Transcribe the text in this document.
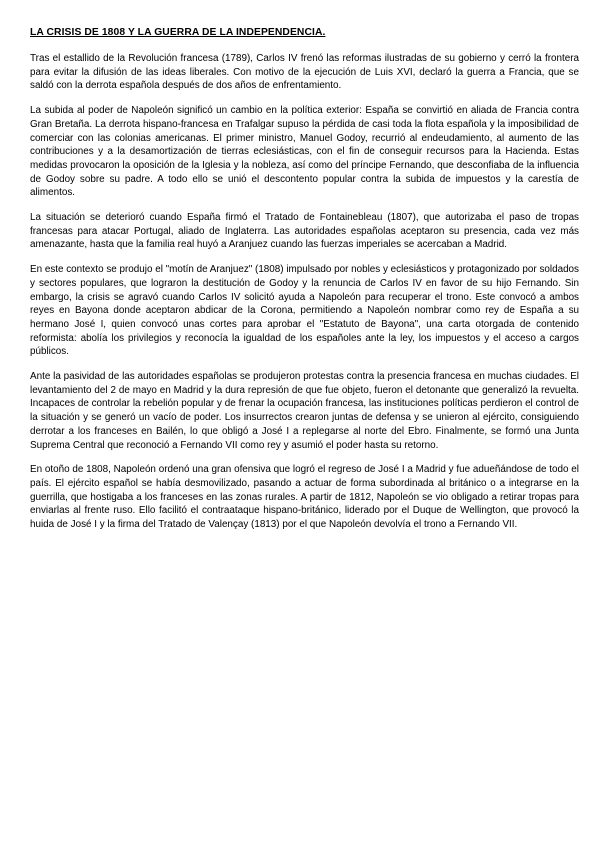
LA CRISIS DE 1808 Y LA GUERRA DE LA INDEPENDENCIA.

Tras el estallido de la Revolución francesa (1789), Carlos IV frenó las reformas ilustradas de su gobierno y cerró la frontera para evitar la difusión de las ideas liberales. Con motivo de la ejecución de Luis XVI, declaró la guerra a Francia, que se saldó con la derrota española después de dos años de enfrentamiento.

La subida al poder de Napoleón significó un cambio en la política exterior: España se convirtió en aliada de Francia contra Gran Bretaña. La derrota hispano-francesa en Trafalgar supuso la pérdida de casi toda la flota española y la imposibilidad de comerciar con las colonias americanas. El primer ministro, Manuel Godoy, recurrió al endeudamiento, al aumento de las contribuciones y a la desamortización de tierras eclesiásticas, con el fin de conseguir recursos para la Hacienda. Estas medidas provocaron la oposición de la Iglesia y la nobleza, así como del príncipe Fernando, que desconfiaba de la influencia de Godoy sobre su padre. A todo ello se unió el descontento popular contra la subida de impuestos y la carestía de alimentos.

La situación se deterioró cuando España firmó el Tratado de Fontainebleau (1807), que autorizaba el paso de tropas francesas para atacar Portugal, aliado de Inglaterra. Las autoridades españolas aceptaron su presencia, cada vez más amenazante, hasta que la familia real huyó a Aranjuez cuando las fuerzas imperiales se acercaban a Madrid.

En este contexto se produjo el "motín de Aranjuez" (1808) impulsado por nobles y eclesiásticos y protagonizado por soldados y sectores populares, que lograron la destitución de Godoy y la renuncia de Carlos IV en favor de su hijo Fernando. Sin embargo, la crisis se agravó cuando Carlos IV solicitó ayuda a Napoleón para recuperar el trono. Este convocó a ambos reyes en Bayona donde aceptaron abdicar de la Corona, permitiendo a Napoleón nombrar como rey de España a su hermano José I, quien convocó unas cortes para aprobar el "Estatuto de Bayona", una carta otorgada de contenido reformista: abolía los privilegios y reconocía la igualdad de los españoles ante la ley, los impuestos y el acceso a cargos públicos.

Ante la pasividad de las autoridades españolas se produjeron protestas contra la presencia francesa en muchas ciudades. El levantamiento del 2 de mayo en Madrid y la dura represión de que fue objeto, fueron el detonante que generalizó la revuelta. Incapaces de controlar la rebelión popular y de frenar la ocupación francesa, las instituciones políticas perdieron el control de la situación y se generó un vacío de poder. Los insurrectos crearon juntas de defensa y se unieron al ejército, consiguiendo derrotar a los franceses en Bailén, lo que obligó a José I a replegarse al norte del Ebro. Finalmente, se formó una Junta Suprema Central que reconoció a Fernando VII como rey y asumió el poder hasta su retorno.

En otoño de 1808, Napoleón ordenó una gran ofensiva que logró el regreso de José I a Madrid y fue adueñándose de todo el país. El ejército español se había desmovilizado, pasando a actuar de forma subordinada al británico o a integrarse en la guerrilla, que hostigaba a los franceses en las zonas rurales. A partir de 1812, Napoleón se vio obligado a retirar tropas para enviarlas al frente ruso. Ello facilitó el contraataque hispano-británico, liderado por el Duque de Wellington, que provocó la huida de José I y la firma del Tratado de Valençay (1813) por el que Napoleón devolvía el trono a Fernando VII.
